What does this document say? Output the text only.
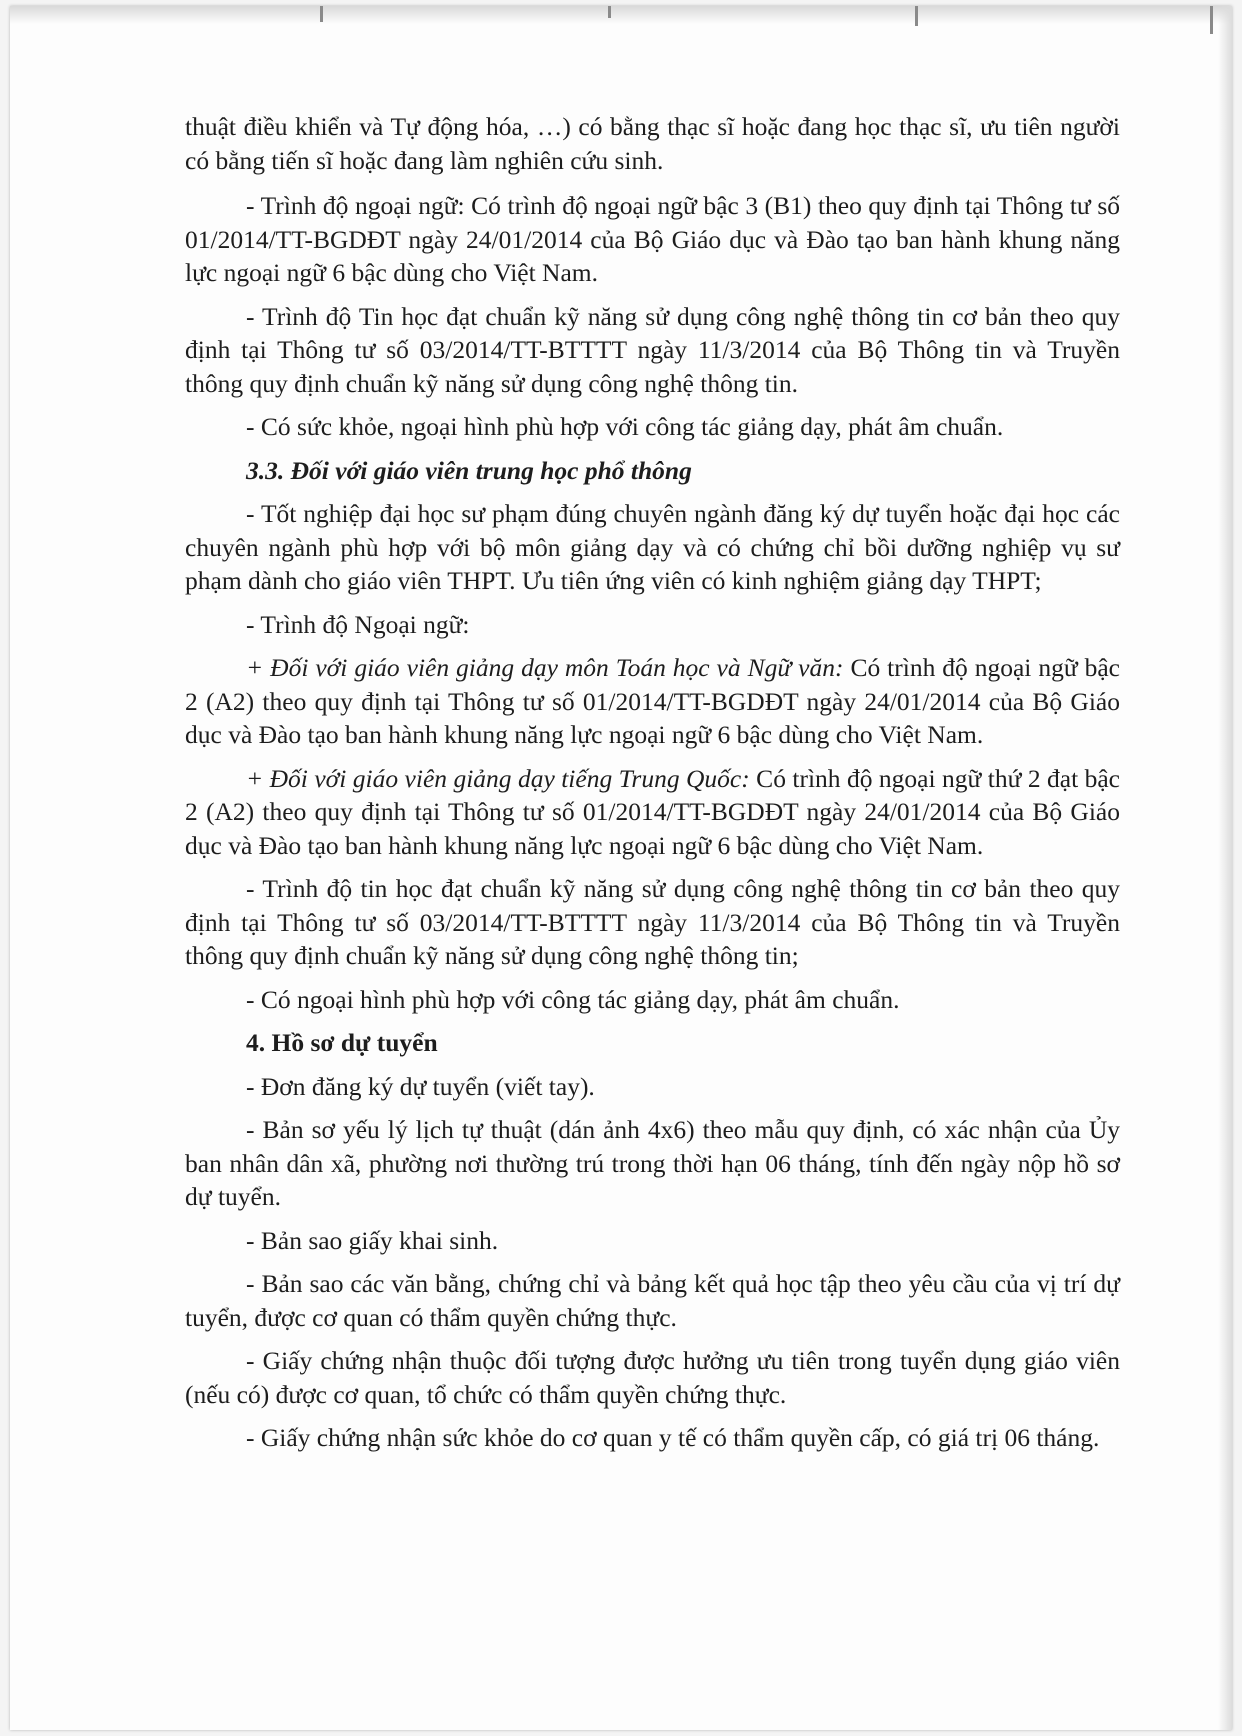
thuật điều khiển và Tự động hóa, …) có bằng thạc sĩ hoặc đang học thạc sĩ, ưu tiên người có bằng tiến sĩ hoặc đang làm nghiên cứu sinh.

- Trình độ ngoại ngữ: Có trình độ ngoại ngữ bậc 3 (B1) theo quy định tại Thông tư số 01/2014/TT-BGDĐT ngày 24/01/2014 của Bộ Giáo dục và Đào tạo ban hành khung năng lực ngoại ngữ 6 bậc dùng cho Việt Nam.

- Trình độ Tin học đạt chuẩn kỹ năng sử dụng công nghệ thông tin cơ bản theo quy định tại Thông tư số 03/2014/TT-BTTTT ngày 11/3/2014 của Bộ Thông tin và Truyền thông quy định chuẩn kỹ năng sử dụng công nghệ thông tin.

- Có sức khỏe, ngoại hình phù hợp với công tác giảng dạy, phát âm chuẩn.

3.3. Đối với giáo viên trung học phổ thông

- Tốt nghiệp đại học sư phạm đúng chuyên ngành đăng ký dự tuyển hoặc đại học các chuyên ngành phù hợp với bộ môn giảng dạy và có chứng chỉ bồi dưỡng nghiệp vụ sư phạm dành cho giáo viên THPT. Ưu tiên ứng viên có kinh nghiệm giảng dạy THPT;

- Trình độ Ngoại ngữ:

+ Đối với giáo viên giảng dạy môn Toán học và Ngữ văn: Có trình độ ngoại ngữ bậc 2 (A2) theo quy định tại Thông tư số 01/2014/TT-BGDĐT ngày 24/01/2014 của Bộ Giáo dục và Đào tạo ban hành khung năng lực ngoại ngữ 6 bậc dùng cho Việt Nam.

+ Đối với giáo viên giảng dạy tiếng Trung Quốc: Có trình độ ngoại ngữ thứ 2 đạt bậc 2 (A2) theo quy định tại Thông tư số 01/2014/TT-BGDĐT ngày 24/01/2014 của Bộ Giáo dục và Đào tạo ban hành khung năng lực ngoại ngữ 6 bậc dùng cho Việt Nam.

- Trình độ tin học đạt chuẩn kỹ năng sử dụng công nghệ thông tin cơ bản theo quy định tại Thông tư số 03/2014/TT-BTTTT ngày 11/3/2014 của Bộ Thông tin và Truyền thông quy định chuẩn kỹ năng sử dụng công nghệ thông tin;

- Có ngoại hình phù hợp với công tác giảng dạy, phát âm chuẩn.

4. Hồ sơ dự tuyển

- Đơn đăng ký dự tuyển (viết tay).

- Bản sơ yếu lý lịch tự thuật (dán ảnh 4x6) theo mẫu quy định, có xác nhận của Ủy ban nhân dân xã, phường nơi thường trú trong thời hạn 06 tháng, tính đến ngày nộp hồ sơ dự tuyển.

- Bản sao giấy khai sinh.

- Bản sao các văn bằng, chứng chỉ và bảng kết quả học tập theo yêu cầu của vị trí dự tuyển, được cơ quan có thẩm quyền chứng thực.

- Giấy chứng nhận thuộc đối tượng được hưởng ưu tiên trong tuyển dụng giáo viên (nếu có) được cơ quan, tổ chức có thẩm quyền chứng thực.

- Giấy chứng nhận sức khỏe do cơ quan y tế có thẩm quyền cấp, có giá trị 06 tháng.
